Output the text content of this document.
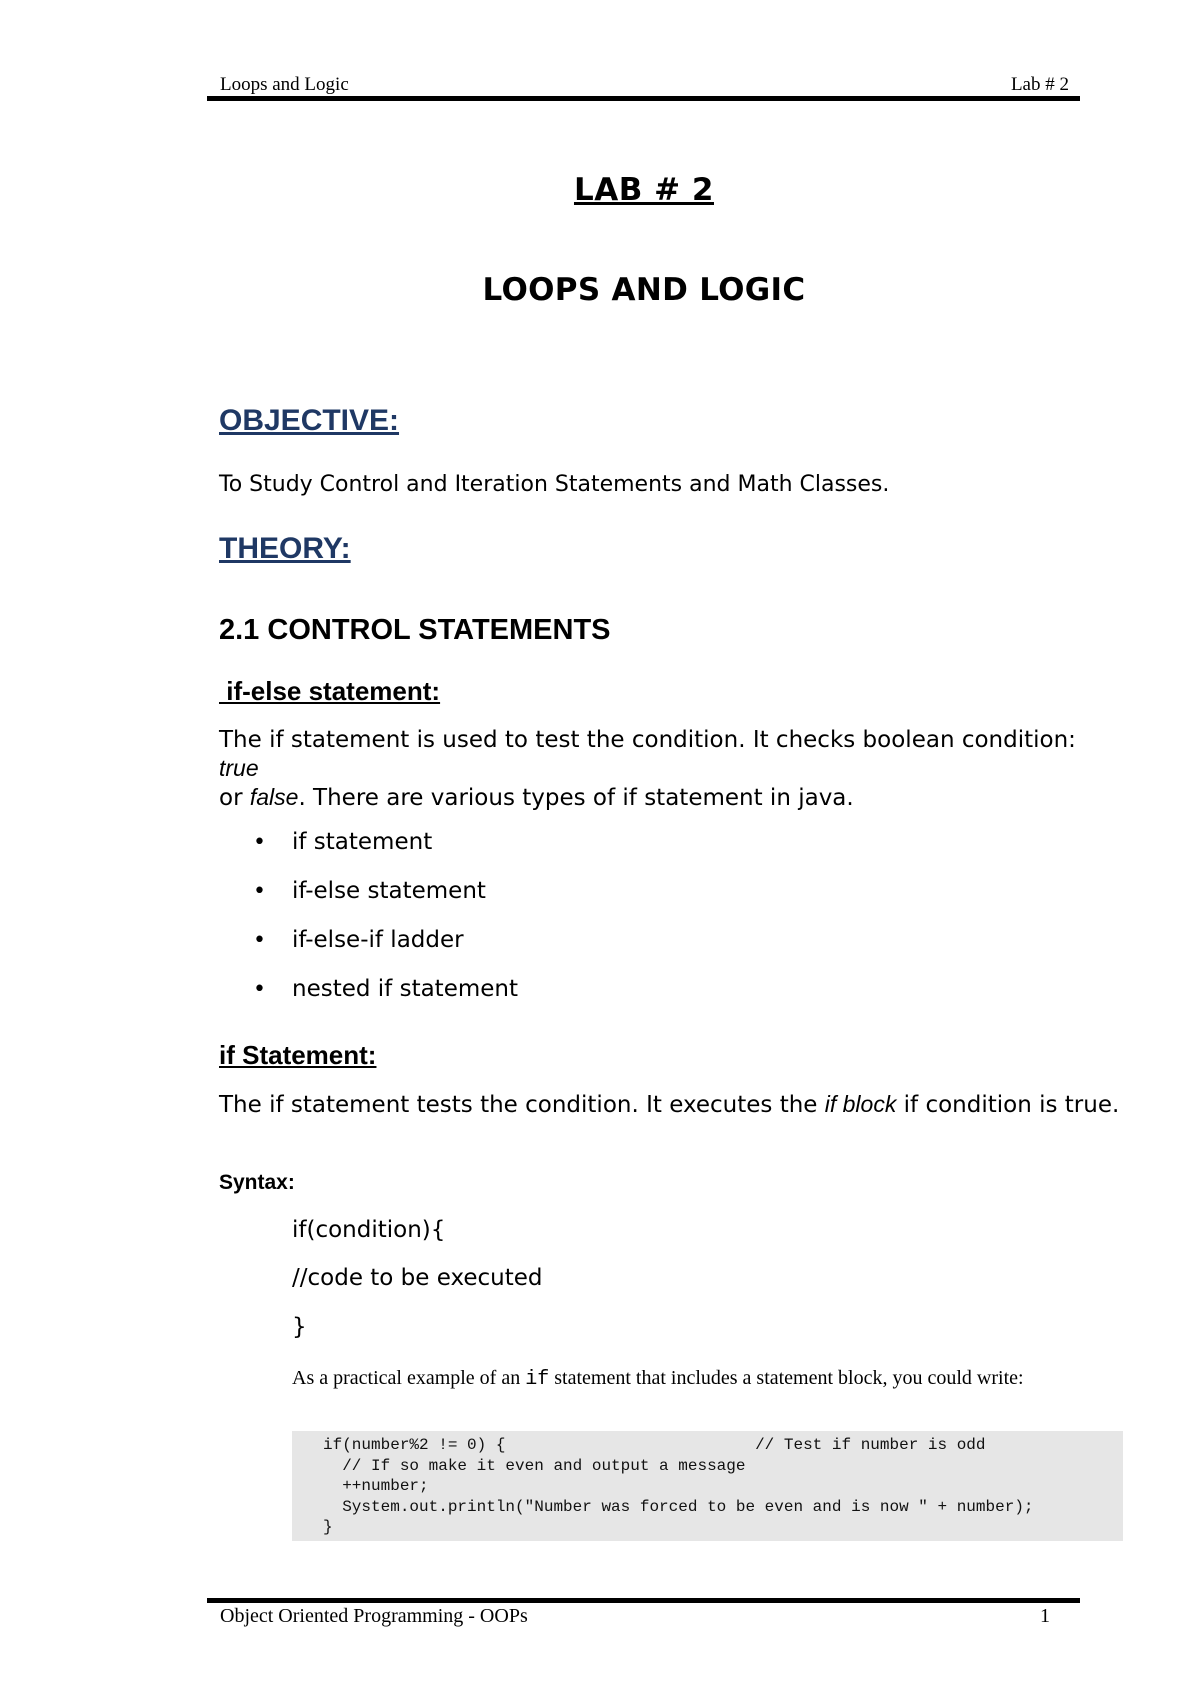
Loops and Logic	Lab # 2
LAB # 2
LOOPS AND LOGIC
OBJECTIVE:
To Study Control and Iteration Statements and Math Classes.
THEORY:
2.1 CONTROL STATEMENTS
if-else statement:
The if statement is used to test the condition. It checks boolean condition:
true
or false. There are various types of if statement in java.
• if statement
• if-else statement
• if-else-if ladder
• nested if statement
if Statement:
The if statement tests the condition. It executes the if block if condition is true.
Syntax:
if(condition){
//code to be executed
}
As a practical example of an if statement that includes a statement block, you could write:
if(number%2 != 0) {                          // Test if number is odd
// If so make it even and output a message
++number;
System.out.println("Number was forced to be even and is now " + number);
}
Object Oriented Programming - OOPs	1
